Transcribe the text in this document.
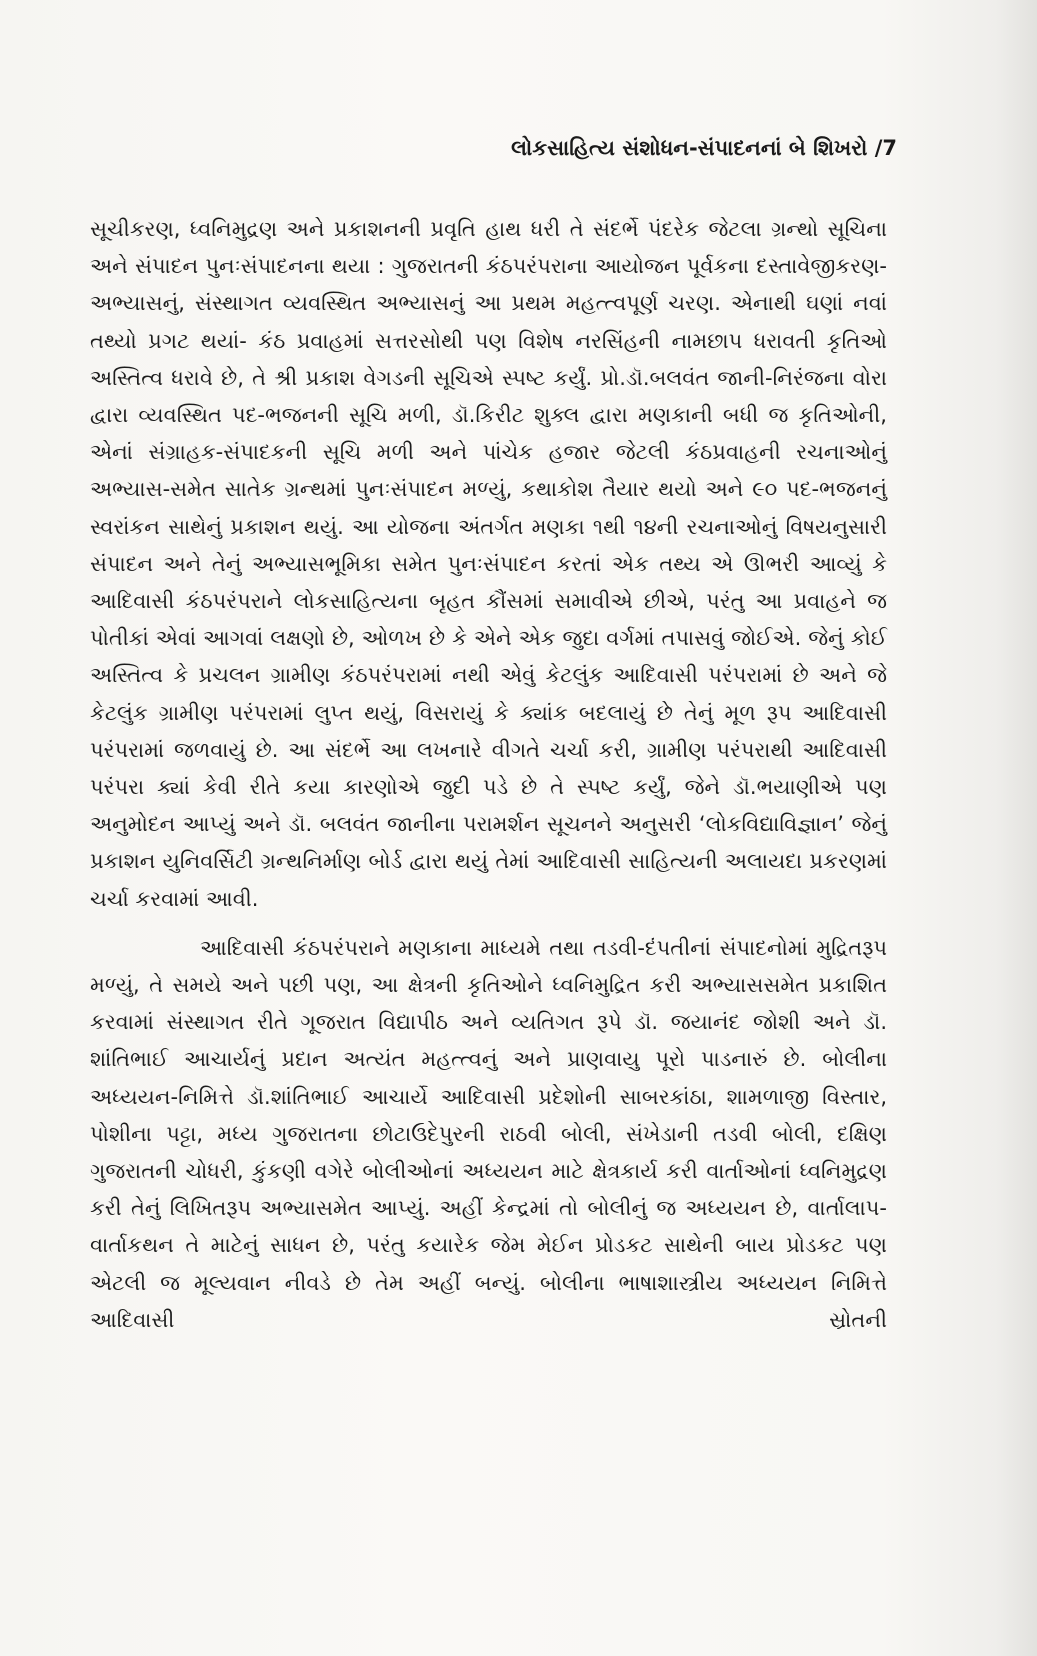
લોકસાહિત્ય સંશોધન-સંપાદનનાં બે શિખરો /7

સૂચીકરણ, ધ્વનિમુદ્રણ અને પ્રકાશનની પ્રવૃતિ હાથ ધરી તે સંદર્ભે પંદરેક જેટલા ગ્રન્થો સૂચિના અને સંપાદન પુનઃસંપાદનના થયા : ગુજરાતની કંઠપરંપરાના આયોજન પૂર્વકના દસ્તાવેજીકરણ-અભ્યાસનું, સંસ્થાગત વ્યવસ્થિત અભ્યાસનું આ પ્રથમ મહત્ત્વપૂર્ણ ચરણ. એનાથી ઘણાં નવાં તથ્યો પ્રગટ થયાં- કંઠ પ્રવાહમાં સત્તરસોથી પણ વિશેષ નરસિંહની નામછાપ ધરાવતી કૃતિઓ અસ્તિત્વ ધરાવે છે, તે શ્રી પ્રકાશ વેગડની સૂચિએ સ્પષ્ટ કર્યું. પ્રો.ડૉ.બલવંત જાની-નિરંજના વોરા દ્વારા વ્યવસ્થિત પદ-ભજનની સૂચિ મળી, ડૉ.કિરીટ શુક્લ દ્વારા મણકાની બધી જ કૃતિઓની, એનાં સંગ્રાહક-સંપાદકની સૂચિ મળી અને પાંચેક હજાર જેટલી કંઠપ્રવાહની રચનાઓનું અભ્યાસ-સમેત સાતેક ગ્રન્થમાં પુનઃસંપાદન મળ્યું, કથાકોશ તૈયાર થયો અને ૯૦ પદ-ભજનનું સ્વરાંકન સાથેનું પ્રકાશન થયું. આ યોજના અંતર્ગત મણકા ૧થી ૧૪ની રચનાઓનું વિષયનુસારી સંપાદન અને તેનું અભ્યાસભૂમિકા સમેત પુનઃસંપાદન કરતાં એક તથ્ય એ ઊભરી આવ્યું કે આદિવાસી કંઠપરંપરાને લોકસાહિત્યના બૃહત કૌંસમાં સમાવીએ છીએ, પરંતુ આ પ્રવાહને જ પોતીકાં એવાં આગવાં લક્ષણો છે, ઓળખ છે કે એને એક જુદા વર્ગમાં તપાસવું જોઈએ. જેનું કોઈ અસ્તિત્વ કે પ્રચલન ગ્રામીણ કંઠપરંપરામાં નથી એવું કેટલુંક આદિવાસી પરંપરામાં છે અને જે કેટલુંક ગ્રામીણ પરંપરામાં લુપ્ત થયું, વિસરાયું કે ક્યાંક બદલાયું છે તેનું મૂળ રૂપ આદિવાસી પરંપરામાં જળવાયું છે. આ સંદર્ભે આ લખનારે વીગતે ચર્ચા કરી, ગ્રામીણ પરંપરાથી આદિવાસી પરંપરા ક્યાં કેવી રીતે કયા કારણોએ જુદી પડે છે તે સ્પષ્ટ કર્યું, જેને ડૉ.ભયાણીએ પણ અનુમોદન આપ્યું અને ડૉ. બલવંત જાનીના પરામર્શન સૂચનને અનુસરી ‘લોકવિદ્યાવિજ્ઞાન’ જેનું પ્રકાશન યુનિવર્સિટી ગ્રન્થનિર્માણ બોર્ડ દ્વારા થયું તેમાં આદિવાસી સાહિત્યની અલાયદા પ્રકરણમાં ચર્ચા કરવામાં આવી.

આદિવાસી કંઠપરંપરાને મણકાના માધ્યમે તથા તડવી-દંપતીનાં સંપાદનોમાં મુદ્રિતરૂપ મળ્યું, તે સમયે અને પછી પણ, આ ક્ષેત્રની કૃતિઓને ધ્વનિમુદ્રિત કરી અભ્યાસસમેત પ્રકાશિત કરવામાં સંસ્થાગત રીતે ગૂજરાત વિદ્યાપીઠ અને વ્યતિગત રૂપે ડૉ. જયાનંદ જોશી અને ડૉ. શાંતિભાઈ આચાર્યનું પ્રદાન અત્યંત મહત્ત્વનું અને પ્રાણવાયુ પૂરો પાડનારું છે. બોલીના અધ્યયન-નિમિત્તે ડૉ.શાંતિભાઈ આચાર્યે આદિવાસી પ્રદેશોની સાબરકાંઠા, શામળાજી વિસ્તાર, પોશીના પટ્ટા, મધ્ય ગુજરાતના છોટાઉદેપુરની રાઠવી બોલી, સંખેડાની તડવી બોલી, દક્ષિણ ગુજરાતની ચોધરી, કુંકણી વગેરે બોલીઓનાં અધ્યયન માટે ક્ષેત્રકાર્ય કરી વાર્તાઓનાં ધ્વનિમુદ્રણ કરી તેનું લિખિતરૂપ અભ્યાસમેત આપ્યું. અહીં કેન્દ્રમાં તો બોલીનું જ અધ્યયન છે, વાર્તાલાપ-વાર્તાકથન તે માટેનું સાધન છે, પરંતુ કયારેક જેમ મેઈન પ્રોડકટ સાથેની બાય પ્રોડકટ પણ એટલી જ મૂલ્યવાન નીવડે છે તેમ અહીં બન્યું. બોલીના ભાષાશાસ્ત્રીય અધ્યયન નિમિત્તે આદિવાસી સ્રોતની
